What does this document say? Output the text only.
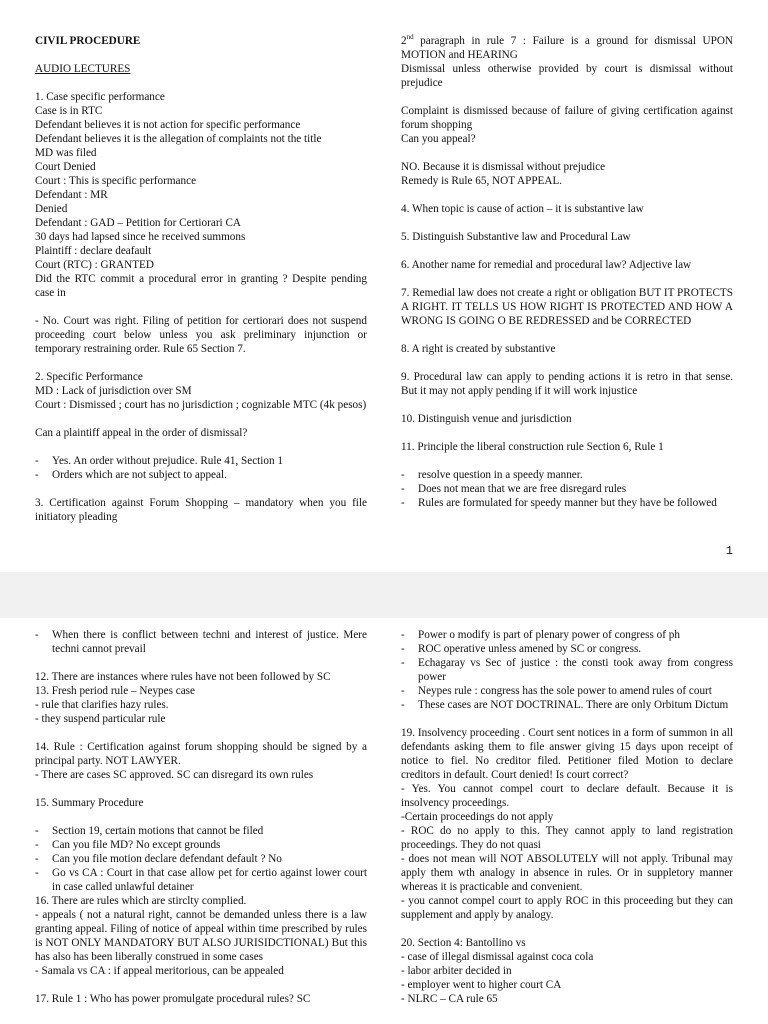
CIVIL PROCEDURE

AUDIO LECTURES

1. Case specific performance
Case is in RTC
Defendant believes it is not action for specific performance
Defendant believes it is the allegation of complaints not the title
MD was filed
Court Denied
Court : This is specific performance
Defendant : MR
Denied
Defendant : GAD – Petition for Certiorari CA
30 days had lapsed since he received summons
Plaintiff : declare deafault
Court (RTC) : GRANTED
Did the RTC commit a procedural error in granting ? Despite pending case in

- No. Court was right. Filing of petition for certiorari does not suspend proceeding court below unless you ask preliminary injunction or temporary restraining order. Rule 65 Section 7.

2. Specific Performance
MD : Lack of jurisdiction over SM
Court : Dismissed ; court has no jurisdiction ; cognizable MTC (4k pesos)

Can a plaintiff appeal in the order of dismissal?

- Yes. An order without prejudice. Rule 41, Section 1
- Orders which are not subject to appeal.

3. Certification against Forum Shopping – mandatory when you file initiatory pleading

2nd paragraph in rule 7 : Failure is a ground for dismissal UPON MOTION and HEARING
Dismissal unless otherwise provided by court is dismissal without prejudice

Complaint is dismissed because of failure of giving certification against forum shopping
Can you appeal?

NO. Because it is dismissal without prejudice
Remedy is Rule 65, NOT APPEAL.

4. When topic is cause of action – it is substantive law

5. Distinguish Substantive law and Procedural Law

6. Another name for remedial and procedural law? Adjective law

7. Remedial law does not create a right or obligation BUT IT PROTECTS A RIGHT. IT TELLS US HOW RIGHT IS PROTECTED AND HOW A WRONG IS GOING O BE REDRESSED and be CORRECTED

8. A right is created by substantive

9. Procedural law can apply to pending actions it is retro in that sense. But it may not apply pending if it will work injustice

10. Distinguish venue and jurisdiction

11. Principle the liberal construction rule Section 6, Rule 1

- resolve question in a speedy manner.
- Does not mean that we are free disregard rules
- Rules are formulated for speedy manner but they have be followed
1
- When there is conflict between techni and interest of justice. Mere techni cannot prevail

12. There are instances where rules have not been followed by SC
13. Fresh period rule – Neypes case
- rule that clarifies hazy rules.
- they suspend particular rule

14. Rule : Certification against forum shopping should be signed by a principal party. NOT LAWYER.
- There are cases SC approved. SC can disregard its own rules

15. Summary Procedure

- Section 19, certain motions that cannot be filed
- Can you file MD? No except grounds
- Can you file motion declare defendant default ? No
- Go vs CA : Court in that case allow pet for certio against lower court in case called unlawful detainer

16. There are rules which are stirclty complied.
- appeals ( not a natural right, cannot be demanded unless there is a law granting appeal. Filing of notice of appeal within time prescribed by rules is NOT ONLY MANDATORY BUT ALSO JURISIDCTIONAL) But this has also has been liberally construed in some cases
- Samala vs CA : if appeal meritorious, can be appealed

17. Rule 1 : Who has power promulgate procedural rules? SC

- Power o modify is part of plenary power of congress of ph
- ROC operative unless amened by SC or congress.
- Echagaray vs Sec of justice : the consti took away from congress power
- Neypes rule : congress has the sole power to amend rules of court
- These cases are NOT DOCTRINAL. There are only Orbitum Dictum

19. Insolvency proceeding . Court sent notices in a form of summon in all defendants asking them to file answer giving 15 days upon receipt of notice to fiel. No creditor filed. Petitioner filed Motion to declare creditors in default. Court denied! Is court correct?
- Yes. You cannot compel court to declare default. Because it is insolvency proceedings.
-Certain proceedings do not apply
- ROC do no apply to this. They cannot apply to land registration proceedings. They do not quasi
- does not mean will NOT ABSOLUTELY will not apply. Tribunal may apply them wth analogy in absence in rules. Or in suppletory manner whereas it is practicable and convenient.
- you cannot compel court to apply ROC in this proceeding but they can supplement and apply by analogy.

20. Section 4: Bantollino vs
- case of illegal dismissal against coca cola
- labor arbiter decided in
- employer went to higher court CA
- NLRC – CA rule 65
